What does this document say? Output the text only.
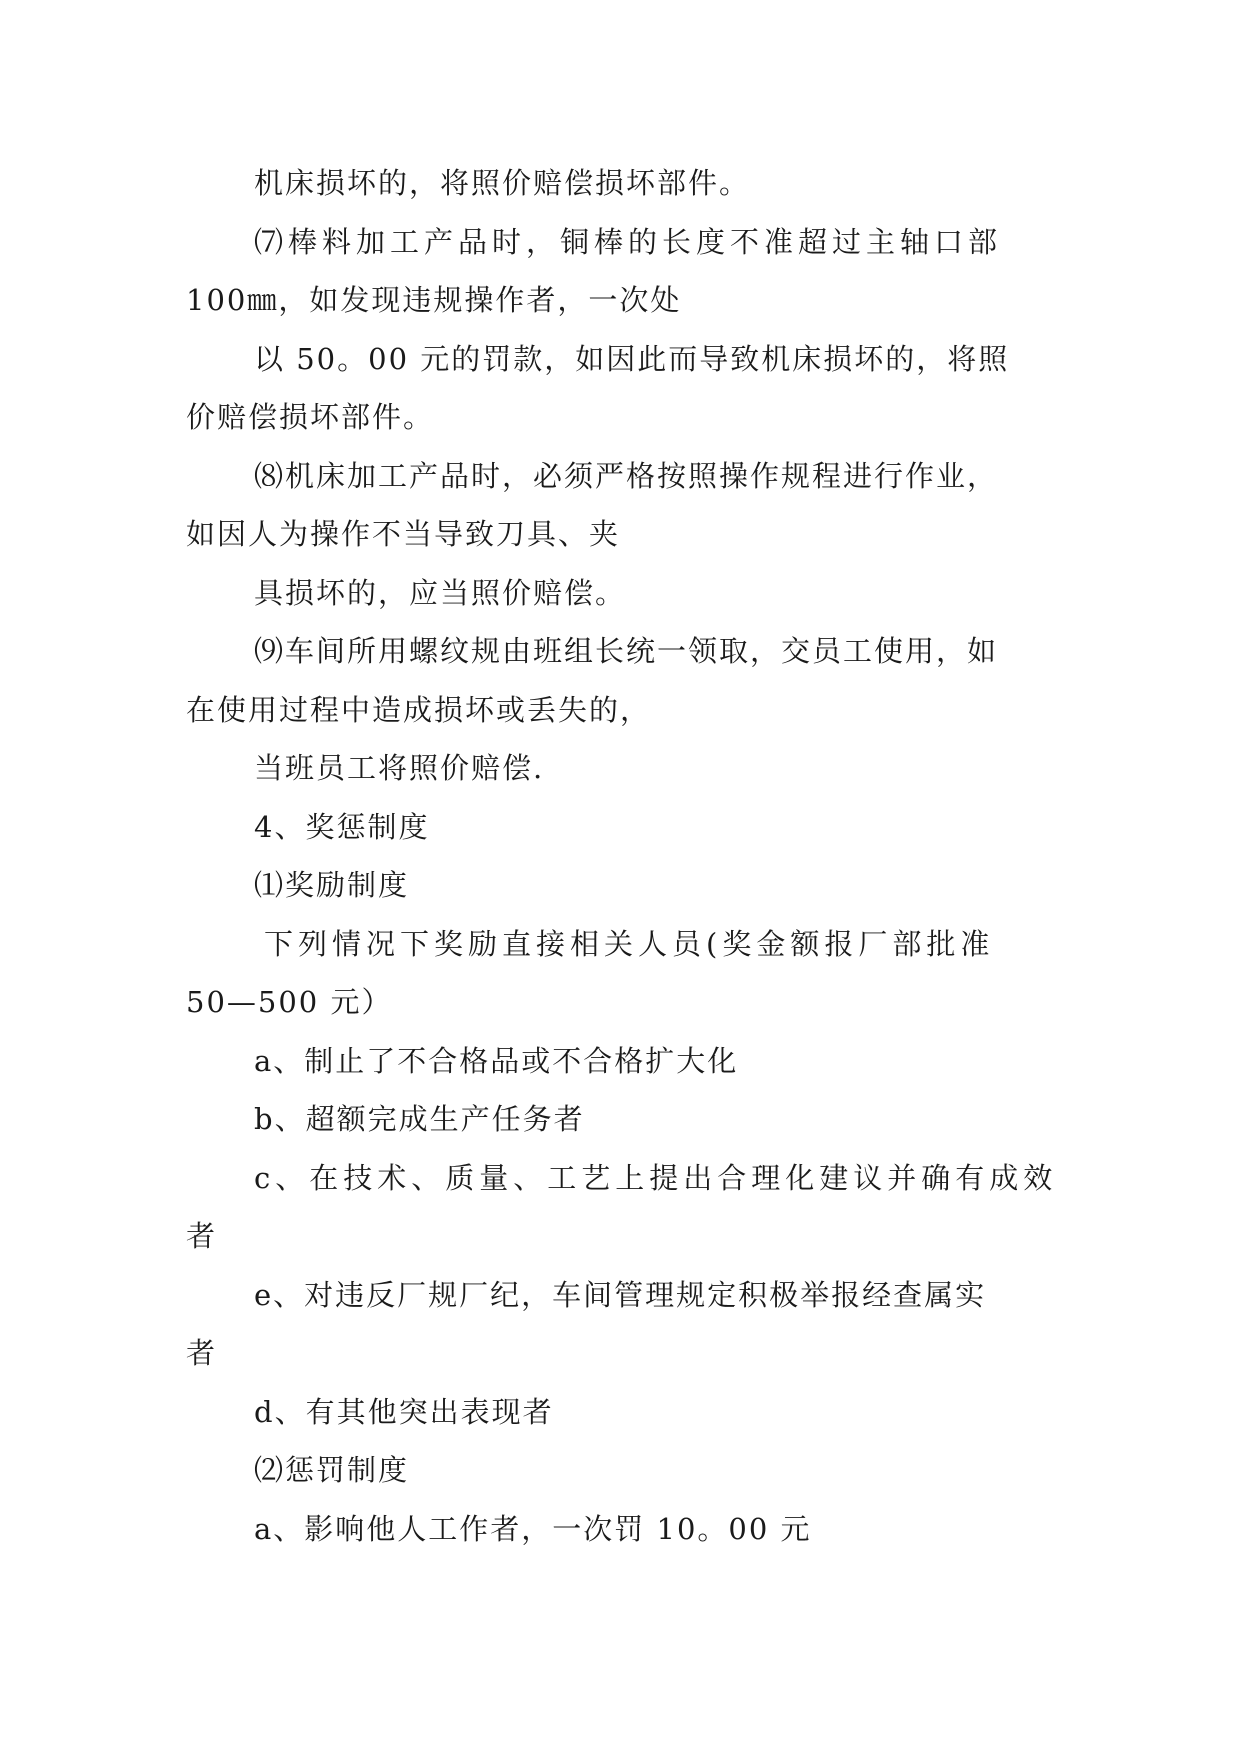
机床损坏的，将照价赔偿损坏部件。
⑺棒料加工产品时，铜棒的长度不准超过主轴口部
100㎜，如发现违规操作者，一次处
以 50。00 元的罚款，如因此而导致机床损坏的，将照
价赔偿损坏部件。
⑻机床加工产品时，必须严格按照操作规程进行作业，
如因人为操作不当导致刀具、夹
具损坏的，应当照价赔偿。
⑼车间所用螺纹规由班组长统一领取，交员工使用，如
在使用过程中造成损坏或丢失的，
当班员工将照价赔偿.
4、奖惩制度
⑴奖励制度
下列情况下奖励直接相关人员(奖金额报厂部批准
50—500 元）
a、制止了不合格品或不合格扩大化
b、超额完成生产任务者
c、在技术、质量、工艺上提出合理化建议并确有成效
者
e、对违反厂规厂纪，车间管理规定积极举报经查属实
者
d、有其他突出表现者
⑵惩罚制度
a、影响他人工作者，一次罚 10。00 元
